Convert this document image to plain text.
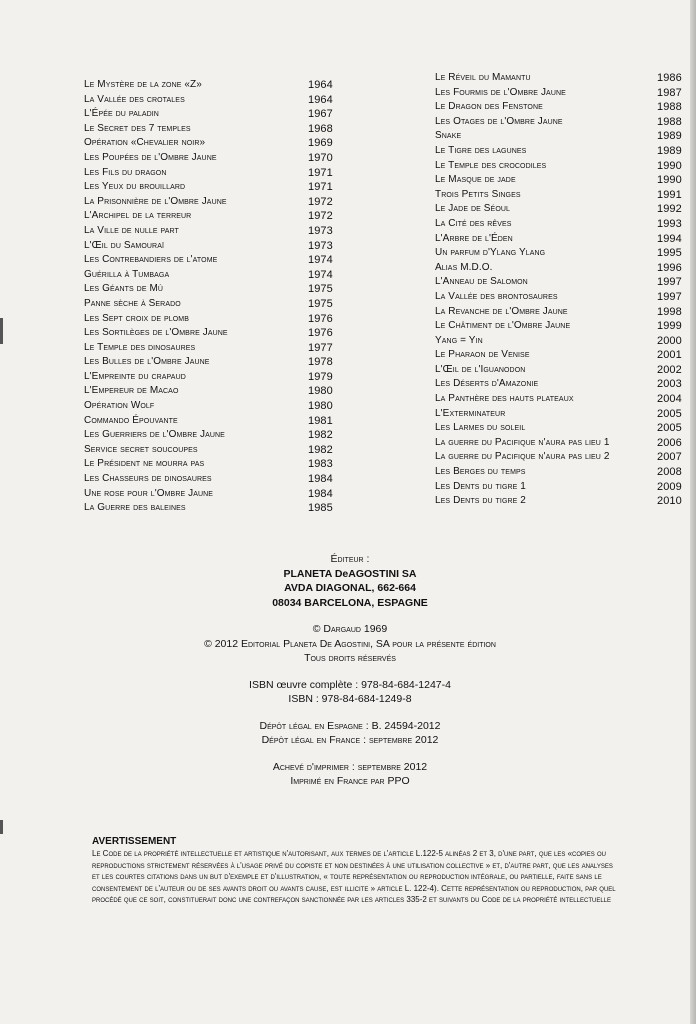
Le Mystère de la zone «Z»	1964
La Vallée des crotales	1964
L'Épée du paladin	1967
Le Secret des 7 temples	1968
Opération «Chevalier noir»	1969
Les Poupées de l'Ombre Jaune	1970
Les Fils du dragon	1971
Les Yeux du brouillard	1971
La Prisonnière de l'Ombre Jaune	1972
L'Archipel de la terreur	1972
La Ville de nulle part	1973
L'Œil du Samouraï	1973
Les Contrebandiers de l'atome	1974
Guérilla à Tumbaga	1974
Les Géants de Mû	1975
Panne sèche à Serado	1975
Les Sept croix de plomb	1976
Les Sortilèges de l'Ombre Jaune	1976
Le Temple des dinosaures	1977
Les Bulles de l'Ombre Jaune	1978
L'Empreinte du crapaud	1979
L'Empereur de Macao	1980
Opération Wolf	1980
Commando Épouvante	1981
Les Guerriers de l'Ombre Jaune	1982
Service secret soucoupes	1982
Le Président ne mourra pas	1983
Les Chasseurs de dinosaures	1984
Une rose pour l'Ombre Jaune	1984
La Guerre des baleines	1985
Le Réveil du Mamantu	1986
Les Fourmis de l'Ombre Jaune	1987
Le Dragon des Fenstone	1988
Les Otages de l'Ombre Jaune	1988
Snake	1989
Le Tigre des lagunes	1989
Le Temple des crocodiles	1990
Le Masque de jade	1990
Trois Petits Singes	1991
Le Jade de Séoul	1992
La Cité des rêves	1993
L'Arbre de l'Éden	1994
Un parfum d'Ylang Ylang	1995
Alias M.D.O.	1996
L'Anneau de Salomon	1997
La Vallée des brontosaures	1997
La Revanche de l'Ombre Jaune	1998
Le Châtiment de l'Ombre Jaune	1999
Yang = Yin	2000
Le Pharaon de Venise	2001
L'Œil de l'Iguanodon	2002
Les Déserts d'Amazonie	2003
La Panthère des hauts plateaux	2004
L'Exterminateur	2005
Les Larmes du soleil	2005
La guerre du Pacifique n'aura pas lieu 1	2006
La guerre du Pacifique n'aura pas lieu 2	2007
Les Berges du temps	2008
Les Dents du tigre 1	2009
Les Dents du tigre 2	2010
Éditeur :
PLANETA DeAGOSTINI SA
AVDA DIAGONAL, 662-664
08034 BARCELONA, ESPAGNE
© Dargaud 1969
© 2012 Editorial Planeta De Agostini, SA pour la présente édition
Tous droits réservés
ISBN œuvre complète : 978-84-684-1247-4
ISBN : 978-84-684-1249-8
Dépôt légal en Espagne : B. 24594-2012
Dépôt légal en France : septembre 2012
Achevé d'imprimer : septembre 2012
Imprimé en France par PPO
AVERTISSEMENT
Le Code de la propriété intellectuelle et artistique n'autorisant, aux termes de l'article L.122-5 alinéas 2 et 3, d'une part, que les «copies ou
reproductions strictement réservées à l'usage privé du copiste et non destinées à une utilisation collective » et, d'autre part, que les analyses
et les courtes citations dans un but d'exemple et d'illustration, « toute représentation ou reproduction intégrale, ou partielle, faite sans le
consentement de l'auteur ou de ses avants droit ou avants cause, est illicite » article L. 122-4). Cette représentation ou reproduction, par quel
procédé que ce soit, constituerait donc une contrefaçon sanctionnée par les articles 335-2 et suivants du Code de la propriété intellectuelle
